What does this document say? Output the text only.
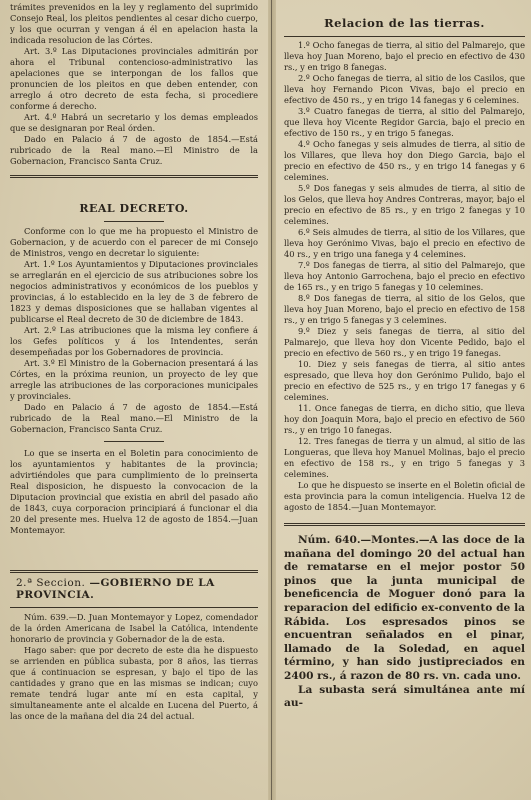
trámites prevenidos en la ley y reglamento del suprimido Consejo Real, los pleitos pendientes al cesar dicho cuerpo, y los que ocurran y vengan á él en apelacion hasta la indicada resolucion de las Córtes.

Art. 3.º Las Diputaciones provinciales admitirán por ahora el Tribunal contencioso-administrativo las apelaciones que se interpongan de los fallos que pronuncien de los pleitos en que deben entender, con arreglo á otro decreto de esta fecha, si procediere conforme á derecho.

Art. 4.º Habrá un secretario y los demas empleados que se designaran por Real órden.

Dado en Palacio á 7 de agosto de 1854.—Está rubricado de la Real mano.—El Ministro de la Gobernacion, Francisco Santa Cruz.

REAL DECRETO.

Conforme con lo que me ha propuesto el Ministro de Gobernacion, y de acuerdo con el parecer de mi Consejo de Ministros, vengo en decretar lo siguiente:

Art. 1.º Los Ayuntamientos y Diputaciones provinciales se arreglarán en el ejercicio de sus atribuciones sobre los negocios administrativos y económicos de los pueblos y provincias, á lo establecido en la ley de 3 de febrero de 1823 y demas disposiciones que se hallaban vigentes al publicarse el Real decreto de 30 de diciembre de 1843.

Art. 2.º Las atribuciones que la misma ley confiere á los Gefes políticos y á los Intendentes, serán desempeñadas por los Gobernadores de provincia.

Art. 3.º El Ministro de la Gobernacion presentará á las Córtes, en la próxima reunion, un proyecto de ley que arregle las atribuciones de las corporaciones municipales y provinciales.

Dado en Palacio á 7 de agosto de 1854.—Está rubricado de la Real mano.—El Ministro de la Gobernacion, Francisco Santa Cruz.

Lo que se inserta en el Boletin para conocimiento de los ayuntamientos y habitantes de la provincia; advirtiéndoles que para cumplimiento de lo preinserta Real disposicion, he dispuesto la convocacion de la Diputacion provincial que existia en abril del pasado año de 1843, cuya corporacion principiará á funcionar el dia 20 del presente mes. Huelva 12 de agosto de 1854.—Juan Montemayor.

2.ª Seccion. —GOBIERNO DE LA PROVINCIA.

Núm. 639.—D. Juan Montemayor y Lopez, comendador de la órden Americana de Isabel la Católica, intendente honorario de provincia y Gobernador de la de esta.

Hago saber: que por decreto de este dia he dispuesto se arrienden en pública subasta, por 8 años, las tierras que á continuacion se espresan, y bajo el tipo de las cantidades y grano que en las mismas se indican; cuyo remate tendrá lugar ante mí en esta capital, y simultaneamente ante el alcalde en Lucena del Puerto, á las once de la mañana del dia 24 del actual.

Relacion de las tierras.

1.º Ocho fanegas de tierra, al sitio del Palmarejo, que lleva hoy Juan Moreno, bajo el precio en efectivo de 430 rs., y en trigo 8 fanegas.

2.º Ocho fanegas de tierra, al sitio de los Casilos, que lleva hoy Fernando Picon Vivas, bajo el precio en efectivo de 450 rs., y en trigo 14 fanegas y 6 celemines.

3.º Cuatro fanegas de tierra, al sitio del Palmarejo, que lleva hoy Vicente Regidor Garcia, bajo el precio en efectivo de 150 rs., y en trigo 5 fanegas.

4.º Ocho fanegas y seis almudes de tierra, al sitio de los Villares, que lleva hoy don Diego Garcia, bajo el precio en efectivo de 450 rs., y en trigo 14 fanegas y 6 celemines.

5.º Dos fanegas y seis almudes de tierra, al sitio de los Gelos, que lleva hoy Andres Contreras, mayor, bajo el precio en efectivo de 85 rs., y en trigo 2 fanegas y 10 celemines.

6.º Seis almudes de tierra, al sitio de los Villares, que lleva hoy Gerónimo Vivas, bajo el precio en efectivo de 40 rs., y en trigo una fanega y 4 celemines.

7.º Dos fanegas de tierra, al sitio del Palmarejo, que lleva hoy Antonio Garrochena, bajo el precio en efectivo de 165 rs., y en trigo 5 fanegas y 10 celemines.

8.º Dos fanegas de tierra, al sitio de los Gelos, que lleva hoy Juan Moreno, bajo el precio en efectivo de 158 rs., y en trigo 5 fanegas y 3 celemines.

9.º Diez y seis fanegas de tierra, al sitio del Palmarejo, que lleva hoy don Vicente Pedido, bajo el precio en efectivo de 560 rs., y en trigo 19 fanegas.

10. Diez y seis fanegas de tierra, al sitio antes espresado, que lleva hoy don Gerónimo Pulido, bajo el precio en efectivo de 525 rs., y en trigo 17 fanegas y 6 celemines.

11. Once fanegas de tierra, en dicho sitio, que lleva hoy don Joaquin Mora, bajo el precio en efectivo de 560 rs., y en trigo 10 fanegas.

12. Tres fanegas de tierra y un almud, al sitio de las Longueras, que lleva hoy Manuel Molinas, bajo el precio en efectivo de 158 rs., y en trigo 5 fanegas y 3 celemines.

Lo que he dispuesto se inserte en el Boletin oficial de esta provincia para la comun inteligencia. Huelva 12 de agosto de 1854.—Juan Montemayor.

Núm. 640.—Montes.—A las doce de la mañana del domingo 20 del actual han de rematarse en el mejor postor 50 pinos que la junta municipal de beneficencia de Moguer donó para la reparacion del edificio ex-convento de la Rábida. Los espresados pinos se encuentran señalados en el pinar, llamado de la Soledad, en aquel término, y han sido justipreciados en 2400 rs., á razon de 80 rs. vn. cada uno.

La subasta será simultánea ante mí au-
